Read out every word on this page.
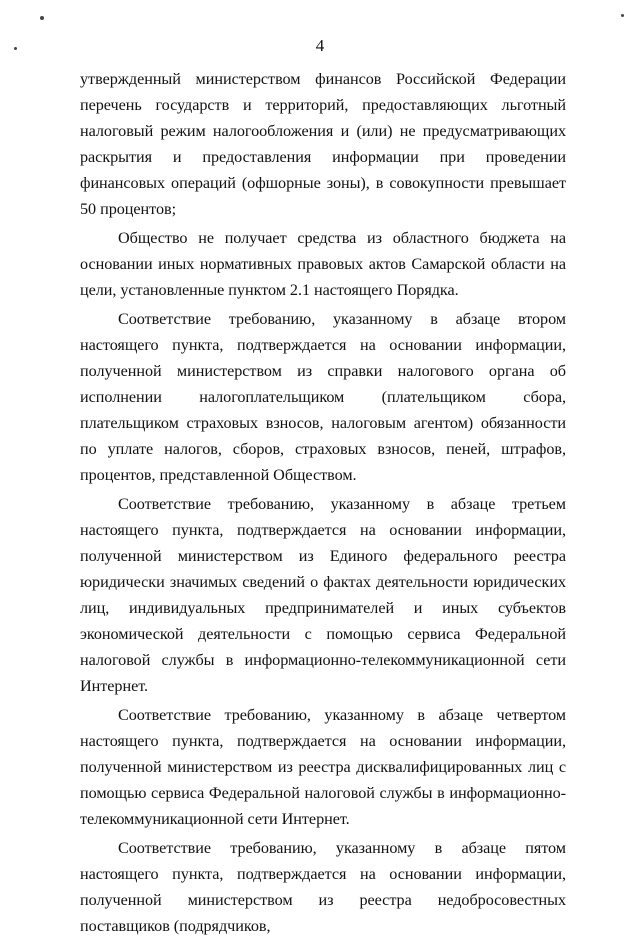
4

утвержденный министерством финансов Российской Федерации перечень государств и территорий, предоставляющих льготный налоговый режим налогообложения и (или) не предусматривающих раскрытия и предоставления информации при проведении финансовых операций (офшорные зоны), в совокупности превышает 50 процентов;

Общество не получает средства из областного бюджета на основании иных нормативных правовых актов Самарской области на цели, установленные пунктом 2.1 настоящего Порядка.

Соответствие требованию, указанному в абзаце втором настоящего пункта, подтверждается на основании информации, полученной министерством из справки налогового органа об исполнении налогоплательщиком (плательщиком сбора, плательщиком страховых взносов, налоговым агентом) обязанности по уплате налогов, сборов, страховых взносов, пеней, штрафов, процентов, представленной Обществом.

Соответствие требованию, указанному в абзаце третьем настоящего пункта, подтверждается на основании информации, полученной министерством из Единого федерального реестра юридически значимых сведений о фактах деятельности юридических лиц, индивидуальных предпринимателей и иных субъектов экономической деятельности с помощью сервиса Федеральной налоговой службы в информационно-телекоммуникационной сети Интернет.

Соответствие требованию, указанному в абзаце четвертом настоящего пункта, подтверждается на основании информации, полученной министерством из реестра дисквалифицированных лиц с помощью сервиса Федеральной налоговой службы в информационно-телекоммуникационной сети Интернет.

Соответствие требованию, указанному в абзаце пятом настоящего пункта, подтверждается на основании информации, полученной министерством из реестра недобросовестных поставщиков (подрядчиков,
